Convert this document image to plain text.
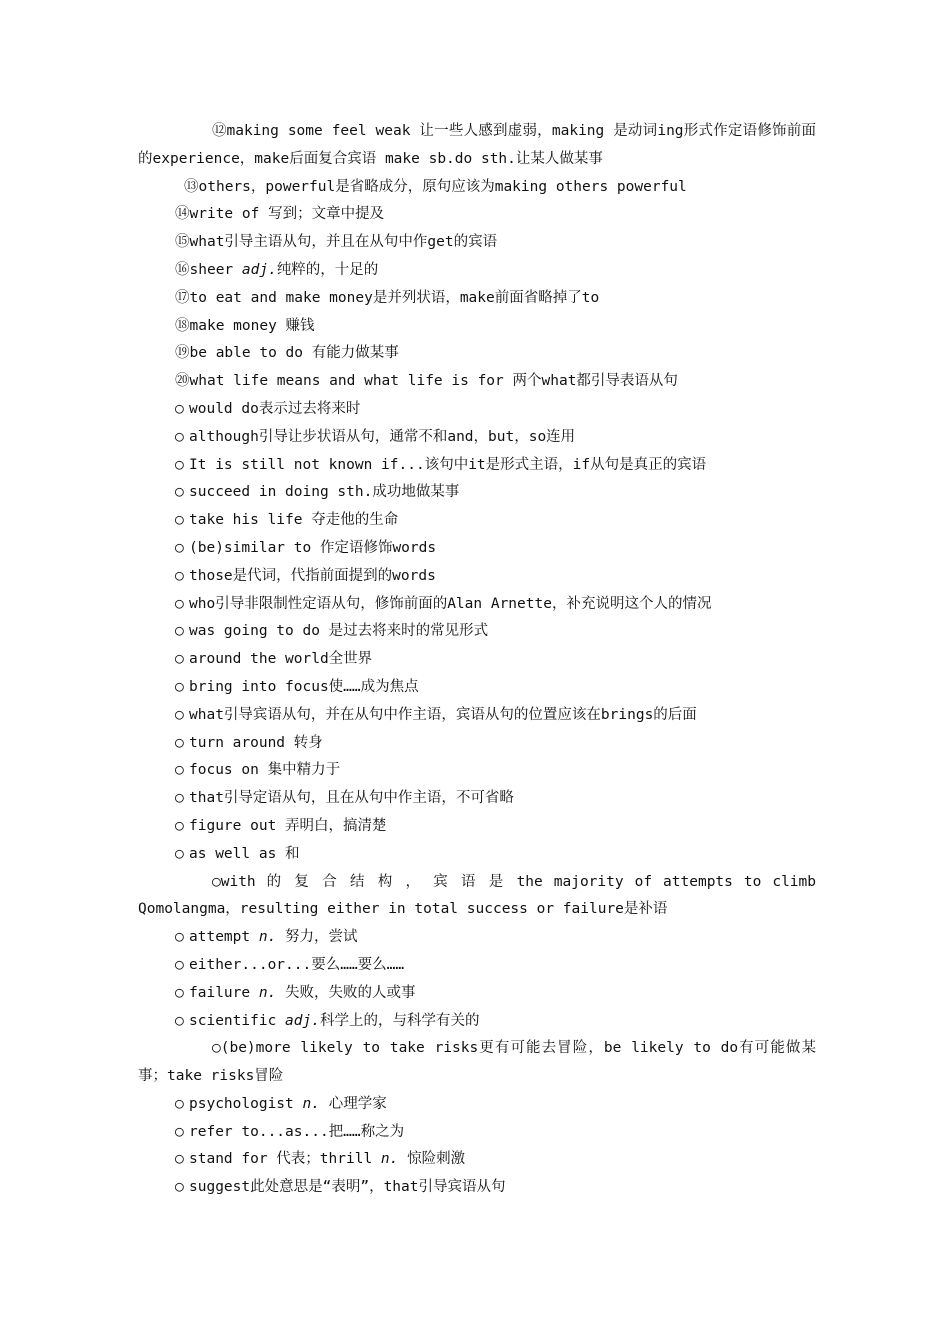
⑫making some feel weak 让一些人感到虚弱，making 是动词ing形式作定语修饰前面的experience，make后面复合宾语 make sb.do sth.让某人做某事

⑬others，powerful是省略成分，原句应该为making others powerful

⑭write of 写到；文章中提及

⑮what引导主语从句，并且在从句中作get的宾语

⑯sheer adj.纯粹的，十足的

⑰to eat and make money是并列状语，make前面省略掉了to

⑱make money 赚钱

⑲be able to do 有能力做某事

⑳what life means and what life is for 两个what都引导表语从句

○ would do表示过去将来时

○ although引导让步状语从句，通常不和and，but，so连用

○ It is still not known if...该句中it是形式主语，if从句是真正的宾语

○ succeed in doing sth.成功地做某事

○ take his life 夺走他的生命

○ (be)similar to 作定语修饰words

○ those是代词，代指前面提到的words

○ who引导非限制性定语从句，修饰前面的Alan Arnette，补充说明这个人的情况

○ was going to do 是过去将来时的常见形式

○ around the world全世界

○ bring into focus使……成为焦点

○ what引导宾语从句，并在从句中作主语，宾语从句的位置应该在brings的后面

○ turn around 转身

○ focus on 集中精力于

○ that引导定语从句，且在从句中作主语，不可省略

○ figure out 弄明白，搞清楚

○ as well as 和

○with 的 复 合 结 构 ， 宾 语 是 the majority of attempts to climb Qomolangma，resulting either in total success or failure是补语

○ attempt n. 努力，尝试

○ either...or...要么……要么……

○ failure n. 失败，失败的人或事

○ scientific adj.科学上的，与科学有关的

○(be)more likely to take risks更有可能去冒险，be likely to do有可能做某事；take risks冒险

○ psychologist n. 心理学家

○ refer to...as...把……称之为

○ stand for 代表；thrill n. 惊险刺激

○ suggest此处意思是“表明”，that引导宾语从句
